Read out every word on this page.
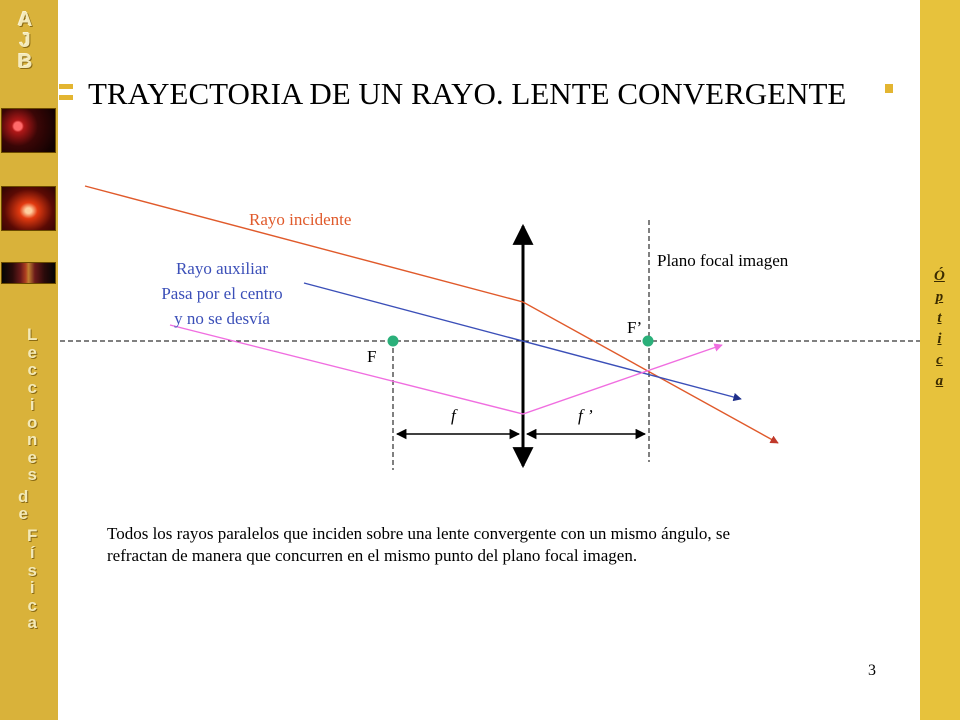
A
J
B
L
e
c
c
i
o
n
e
s
d
e
F
í
s
i
c
a
Ó
p
t
i
c
a
TRAYECTORIA DE UN RAYO. LENTE CONVERGENTE
Rayo incidente
Rayo auxiliar
Pasa por el centro
y no se desvía
Plano focal imagen
F
F’
f	f ’
Todos los rayos paralelos que inciden sobre una lente convergente con un mismo ángulo, se
refractan de manera que concurren en el mismo punto del plano focal imagen.
3
